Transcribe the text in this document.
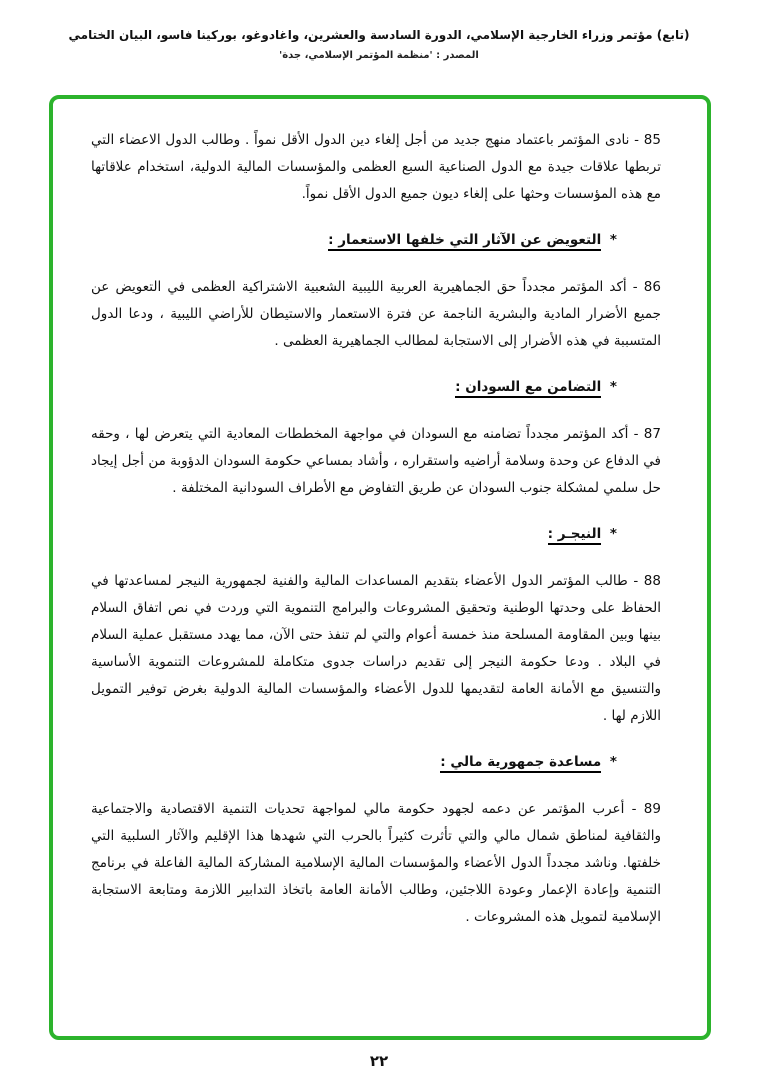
(تابع) مؤتمر وزراء الخارجية الإسلامي، الدورة السادسة والعشرين، واغادوغو، بوركينا فاسو، البيان الختامي
المصدر : 'منظمة المؤتمر الإسلامي، جدة'
85 - نادى المؤتمر باعتماد منهج جديد من أجل إلغاء دين الدول الأقل نمواً . وطالب الدول الاعضاء التي تربطها علاقات جيدة مع الدول الصناعية السبع العظمى والمؤسسات المالية الدولية، استخدام علاقاتها مع هذه المؤسسات وحثها على إلغاء ديون جميع الدول الأقل نمواً.
* التعويض عن الآثار التي خلفها الاستعمار :
86 - أكد المؤتمر مجدداً حق الجماهيرية العربية الليبية الشعبية الاشتراكية العظمى في التعويض عن جميع الأضرار المادية والبشرية الناجمة عن فترة الاستعمار والاستيطان للأراضي الليبية ، ودعا الدول المتسببة في هذه الأضرار إلى الاستجابة لمطالب الجماهيرية العظمى .
* التضامن مع السودان :
87 - أكد المؤتمر مجدداً تضامنه مع السودان في مواجهة المخططات المعادية التي يتعرض لها ، وحقه في الدفاع عن وحدة وسلامة أراضيه واستقراره ، وأشاد بمساعي حكومة السودان الدؤوبة من أجل إيجاد حل سلمي لمشكلة جنوب السودان عن طريق التفاوض مع الأطراف السودانية المختلفة .
* النيجـر :
88 - طالب المؤتمر الدول الأعضاء بتقديم المساعدات المالية والفنية لجمهورية النيجر لمساعدتها في الحفاظ على وحدتها الوطنية وتحقيق المشروعات والبرامج التنموية التي وردت في نص اتفاق السلام بينها وبين المقاومة المسلحة منذ خمسة أعوام والتي لم تنفذ حتى الآن، مما يهدد مستقبل عملية السلام في البلاد . ودعا حكومة النيجر إلى تقديم دراسات جدوى متكاملة للمشروعات التنموية الأساسية والتنسيق مع الأمانة العامة لتقديمها للدول الأعضاء والمؤسسات المالية الدولية بغرض توفير التمويل اللازم لها .
* مساعدة جمهورية مالي :
89 - أعرب المؤتمر عن دعمه لجهود حكومة مالي لمواجهة تحديات التنمية الاقتصادية والاجتماعية والثقافية لمناطق شمال مالي والتي تأثرت كثيراً بالحرب التي شهدها هذا الإقليم والآثار السلبية التي خلفتها. وناشد مجدداً الدول الأعضاء والمؤسسات المالية الإسلامية المشاركة المالية الفاعلة في برنامج التنمية وإعادة الإعمار وعودة اللاجئين، وطالب الأمانة العامة باتخاذ التدابير اللازمة ومتابعة الاستجابة الإسلامية لتمويل هذه المشروعات .
٢٢
